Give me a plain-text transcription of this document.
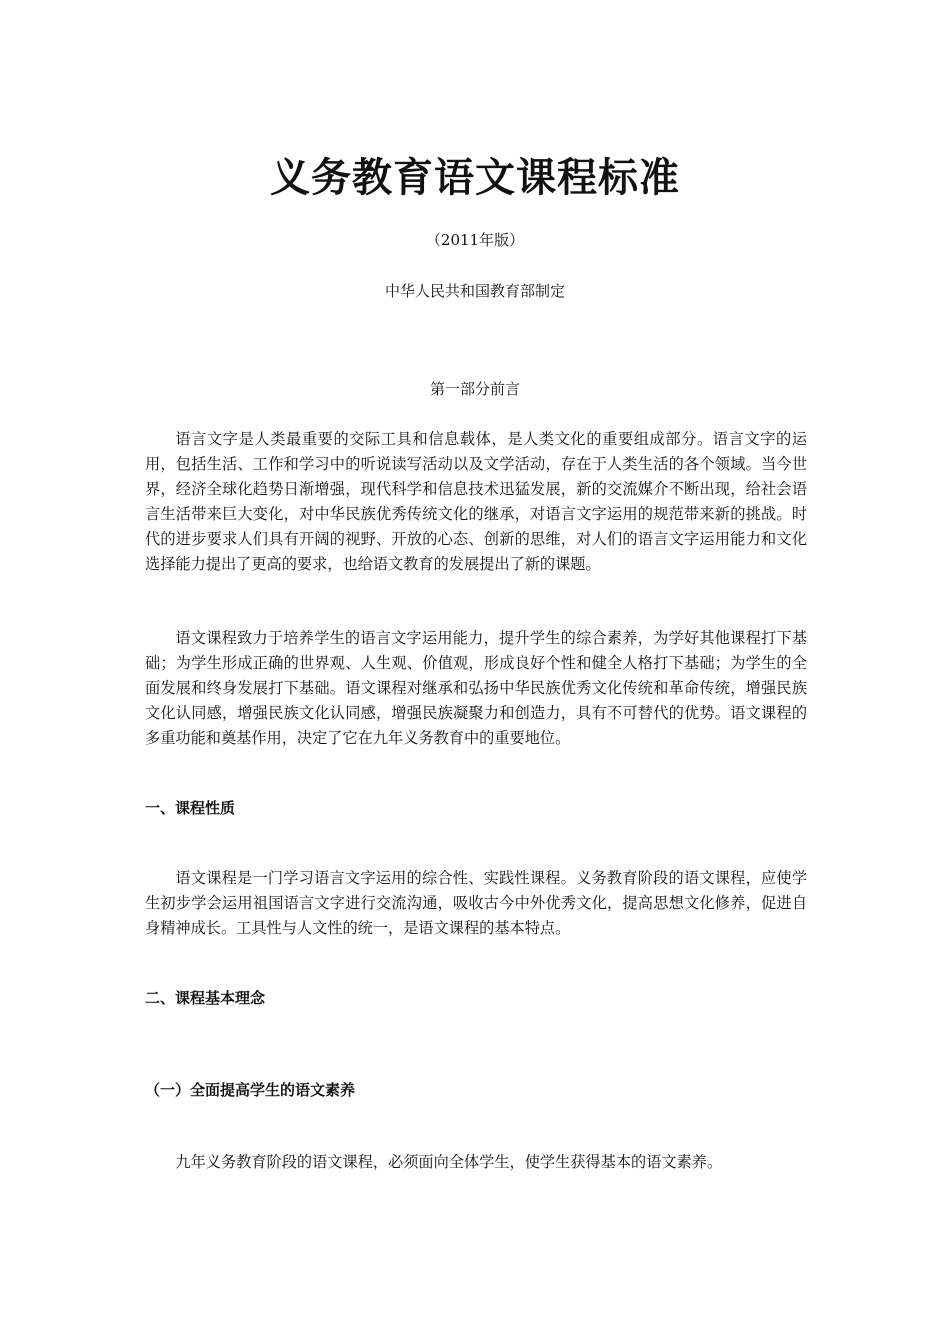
义务教育语文课程标准
（2011年版）
中华人民共和国教育部制定
第一部分前言

语言文字是人类最重要的交际工具和信息载体，是人类文化的重要组成部分。语言文字的运用，包括生活、工作和学习中的听说读写活动以及文学活动，存在于人类生活的各个领域。当今世界，经济全球化趋势日渐增强，现代科学和信息技术迅猛发展，新的交流媒介不断出现，给社会语言生活带来巨大变化，对中华民族优秀传统文化的继承，对语言文字运用的规范带来新的挑战。时代的进步要求人们具有开阔的视野、开放的心态、创新的思维，对人们的语言文字运用能力和文化选择能力提出了更高的要求，也给语文教育的发展提出了新的课题。

语文课程致力于培养学生的语言文字运用能力，提升学生的综合素养，为学好其他课程打下基础；为学生形成正确的世界观、人生观、价值观，形成良好个性和健全人格打下基础；为学生的全面发展和终身发展打下基础。语文课程对继承和弘扬中华民族优秀文化传统和革命传统，增强民族文化认同感，增强民族文化认同感，增强民族凝聚力和创造力，具有不可替代的优势。语文课程的多重功能和奠基作用，决定了它在九年义务教育中的重要地位。

一、课程性质

语文课程是一门学习语言文字运用的综合性、实践性课程。义务教育阶段的语文课程，应使学生初步学会运用祖国语言文字进行交流沟通，吸收古今中外优秀文化，提高思想文化修养，促进自身精神成长。工具性与人文性的统一，是语文课程的基本特点。

二、课程基本理念
（一）全面提高学生的语文素养

九年义务教育阶段的语文课程，必须面向全体学生，使学生获得基本的语文素养。
